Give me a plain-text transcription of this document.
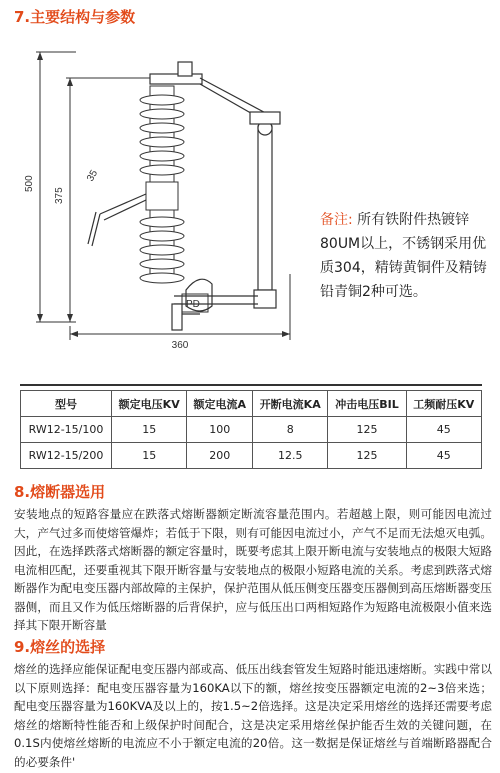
7.主要结构与参数
500
375
360
35
PD
备注: 所有铁附件热镀锌80UM以上，不锈钢采用优质304，精铸黄铜件及精铸铅青铜2种可选。
型号	额定电压KV	额定电流A	开断电流KA	冲击电压BIL	工频耐压KV
RW12-15/100	15	100	8	125	45
RW12-15/200	15	200	12.5	125	45
8.熔断器选用
安装地点的短路容量应在跌落式熔断器额定断流容量范围内。若超越上限，则可能因电流过大，产气过多而使熔管爆炸；若低于下限，则有可能因电流过小，产气不足而无法熄灭电弧。因此，在选择跌落式熔断器的额定容量时，既要考虑其上限开断电流与安装地点的极限大短路电流相匹配，还要重视其下限开断容量与安装地点的极限小短路电流的关系。考虑到跌落式熔断器作为配电变压器内部故障的主保护，保护范围从低压侧变压器变压器侧到高压熔断器变压器侧，而且又作为低压熔断器的后背保护，应与低压出口两相短路作为短路电流极限小值来选择其下限开断容量
9.熔丝的选择
熔丝的选择应能保证配电变压器内部或高、低压出线套管发生短路时能迅速熔断。实践中常以以下原则选择：配电变压器容量为160KA以下的额，熔丝按变压器额定电流的2~3倍来选；配电变压器容量为160KVA及以上的，按1.5~2倍选择。这是决定采用熔丝的选择还需要考虑熔丝的熔断特性能否和上级保护时间配合，这是决定采用熔丝保护能否生效的关键问题，在0.1S内使熔丝熔断的电流应不小于额定电流的20倍。这一数据是保证熔丝与首端断路器配合的必要条件'
